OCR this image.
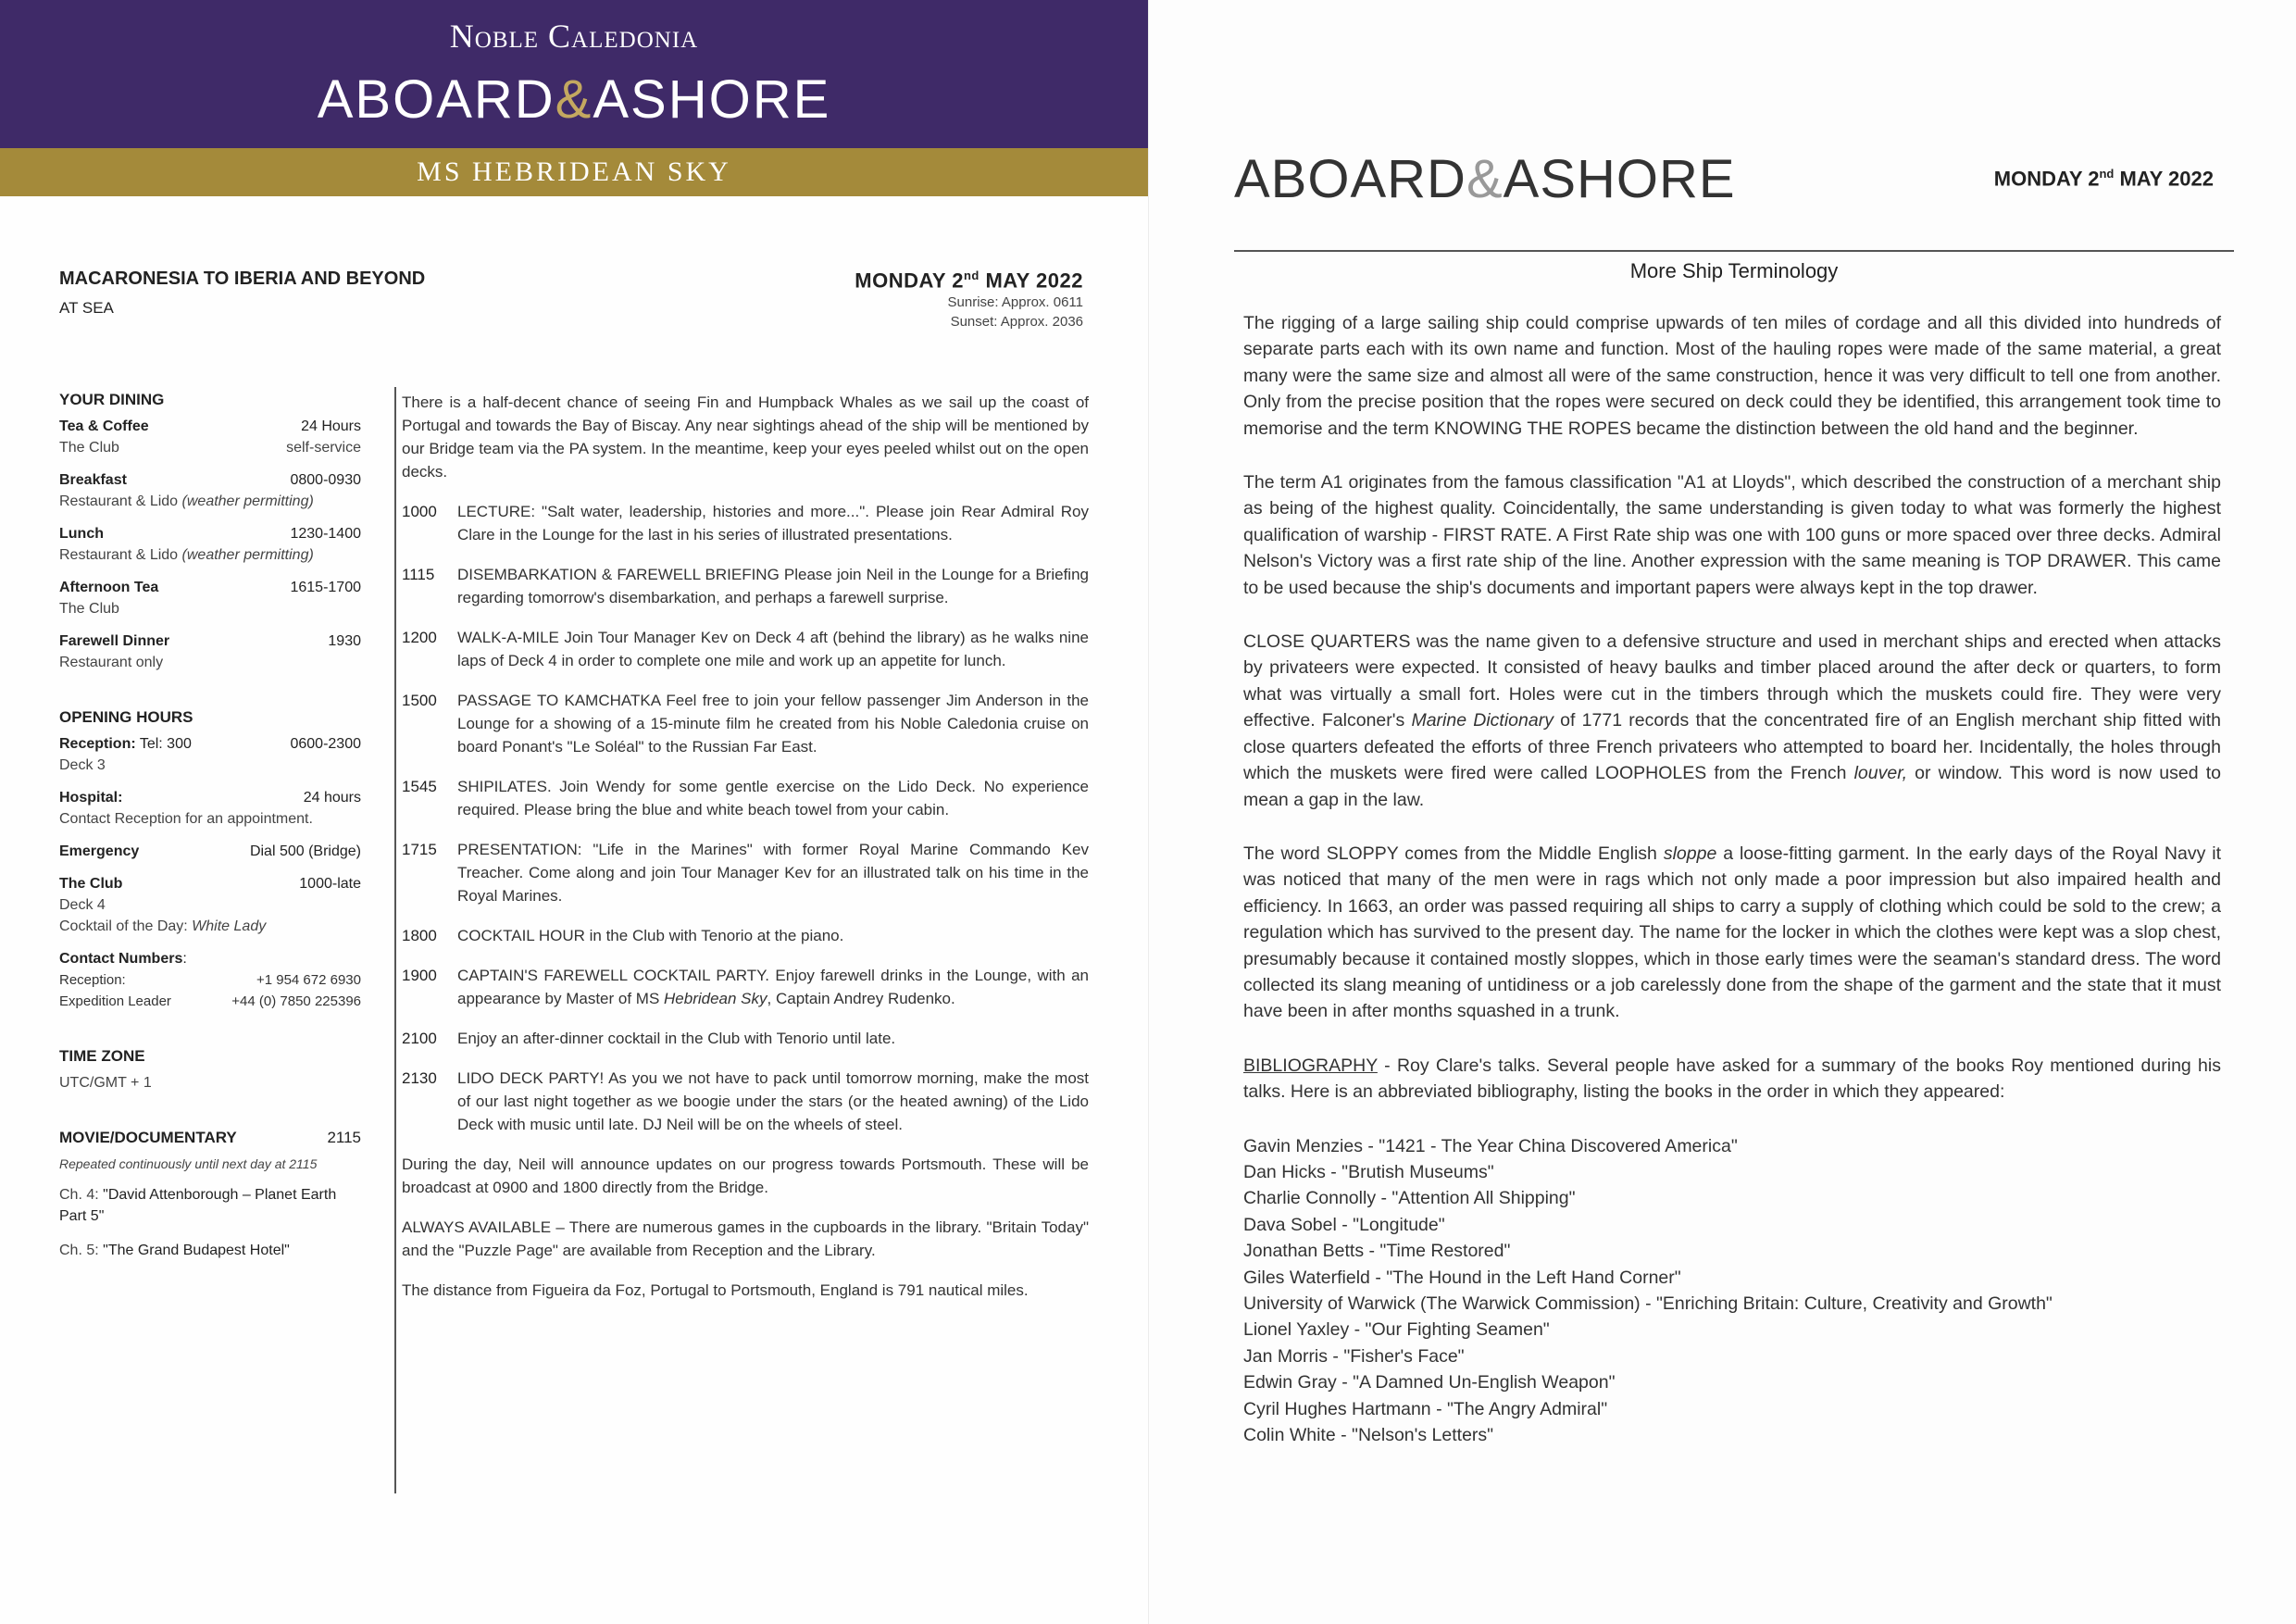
Noble Caledonia
ABOARD&ASHORE
MS HEBRIDEAN SKY
MACARONESIA TO IBERIA AND BEYOND
AT SEA
MONDAY 2nd MAY 2022
Sunrise: Approx. 0611
Sunset: Approx. 2036
YOUR DINING
Tea & Coffee	24 Hours
The Club	self-service
Breakfast	0800-0930
Restaurant & Lido (weather permitting)
Lunch	1230-1400
Restaurant & Lido (weather permitting)
Afternoon Tea	1615-1700
The Club
Farewell Dinner	1930
Restaurant only
OPENING HOURS
Reception: Tel: 300	0600-2300
Deck 3
Hospital:	24 hours
Contact Reception for an appointment.
Emergency	Dial 500 (Bridge)
The Club	1000-late
Deck 4
Cocktail of the Day: White Lady
Contact Numbers:
Reception:	+1 954 672 6930
Expedition Leader	+44 (0) 7850 225396
TIME ZONE
UTC/GMT + 1
MOVIE/DOCUMENTARY	2115
Repeated continuously until next day at 2115
Ch. 4: "David Attenborough – Planet Earth Part 5"
Ch. 5: "The Grand Budapest Hotel"

There is a half-decent chance of seeing Fin and Humpback Whales as we sail up the coast of Portugal and towards the Bay of Biscay. Any near sightings ahead of the ship will be mentioned by our Bridge team via the PA system. In the meantime, keep your eyes peeled whilst out on the open decks.

1000	LECTURE: "Salt water, leadership, histories and more...". Please join Rear Admiral Roy Clare in the Lounge for the last in his series of illustrated presentations.
1115	DISEMBARKATION & FAREWELL BRIEFING Please join Neil in the Lounge for a Briefing regarding tomorrow's disembarkation, and perhaps a farewell surprise.
1200	WALK-A-MILE Join Tour Manager Kev on Deck 4 aft (behind the library) as he walks nine laps of Deck 4 in order to complete one mile and work up an appetite for lunch.
1500	PASSAGE TO KAMCHATKA Feel free to join your fellow passenger Jim Anderson in the Lounge for a showing of a 15-minute film he created from his Noble Caledonia cruise on board Ponant's "Le Soléal" to the Russian Far East.
1545	SHIPILATES. Join Wendy for some gentle exercise on the Lido Deck. No experience required. Please bring the blue and white beach towel from your cabin.
1715	PRESENTATION: "Life in the Marines" with former Royal Marine Commando Kev Treacher. Come along and join Tour Manager Kev for an illustrated talk on his time in the Royal Marines.
1800	COCKTAIL HOUR in the Club with Tenorio at the piano.
1900	CAPTAIN'S FAREWELL COCKTAIL PARTY. Enjoy farewell drinks in the Lounge, with an appearance by Master of MS Hebridean Sky, Captain Andrey Rudenko.
2100	Enjoy an after-dinner cocktail in the Club with Tenorio until late.
2130	LIDO DECK PARTY! As you we not have to pack until tomorrow morning, make the most of our last night together as we boogie under the stars (or the heated awning) of the Lido Deck with music until late. DJ Neil will be on the wheels of steel.

During the day, Neil will announce updates on our progress towards Portsmouth. These will be broadcast at 0900 and 1800 directly from the Bridge.

ALWAYS AVAILABLE – There are numerous games in the cupboards in the library. "Britain Today" and the "Puzzle Page" are available from Reception and the Library.

The distance from Figueira da Foz, Portugal to Portsmouth, England is 791 nautical miles.

ABOARD&ASHORE	MONDAY 2nd MAY 2022
More Ship Terminology

The rigging of a large sailing ship could comprise upwards of ten miles of cordage and all this divided into hundreds of separate parts each with its own name and function. Most of the hauling ropes were made of the same material, a great many were the same size and almost all were of the same construction, hence it was very difficult to tell one from another. Only from the precise position that the ropes were secured on deck could they be identified, this arrangement took time to memorise and the term KNOWING THE ROPES became the distinction between the old hand and the beginner.

The term A1 originates from the famous classification "A1 at Lloyds", which described the construction of a merchant ship as being of the highest quality. Coincidentally, the same understanding is given today to what was formerly the highest qualification of warship - FIRST RATE. A First Rate ship was one with 100 guns or more spaced over three decks. Admiral Nelson's Victory was a first rate ship of the line. Another expression with the same meaning is TOP DRAWER. This came to be used because the ship's documents and important papers were always kept in the top drawer.

CLOSE QUARTERS was the name given to a defensive structure and used in merchant ships and erected when attacks by privateers were expected. It consisted of heavy baulks and timber placed around the after deck or quarters, to form what was virtually a small fort. Holes were cut in the timbers through which the muskets could fire. They were very effective. Falconer's Marine Dictionary of 1771 records that the concentrated fire of an English merchant ship fitted with close quarters defeated the efforts of three French privateers who attempted to board her. Incidentally, the holes through which the muskets were fired were called LOOPHOLES from the French louver, or window. This word is now used to mean a gap in the law.

The word SLOPPY comes from the Middle English sloppe a loose-fitting garment. In the early days of the Royal Navy it was noticed that many of the men were in rags which not only made a poor impression but also impaired health and efficiency. In 1663, an order was passed requiring all ships to carry a supply of clothing which could be sold to the crew; a regulation which has survived to the present day. The name for the locker in which the clothes were kept was a slop chest, presumably because it contained mostly sloppes, which in those early times were the seaman's standard dress. The word collected its slang meaning of untidiness or a job carelessly done from the shape of the garment and the state that it must have been in after months squashed in a trunk.

BIBLIOGRAPHY - Roy Clare's talks. Several people have asked for a summary of the books Roy mentioned during his talks. Here is an abbreviated bibliography, listing the books in the order in which they appeared:

Gavin Menzies - "1421 - The Year China Discovered America"
Dan Hicks - "Brutish Museums"
Charlie Connolly - "Attention All Shipping"
Dava Sobel - "Longitude"
Jonathan Betts - "Time Restored"
Giles Waterfield - "The Hound in the Left Hand Corner"
University of Warwick (The Warwick Commission) - "Enriching Britain: Culture, Creativity and Growth"
Lionel Yaxley - "Our Fighting Seamen"
Jan Morris - "Fisher's Face"
Edwin Gray - "A Damned Un-English Weapon"
Cyril Hughes Hartmann - "The Angry Admiral"
Colin White - "Nelson's Letters"
